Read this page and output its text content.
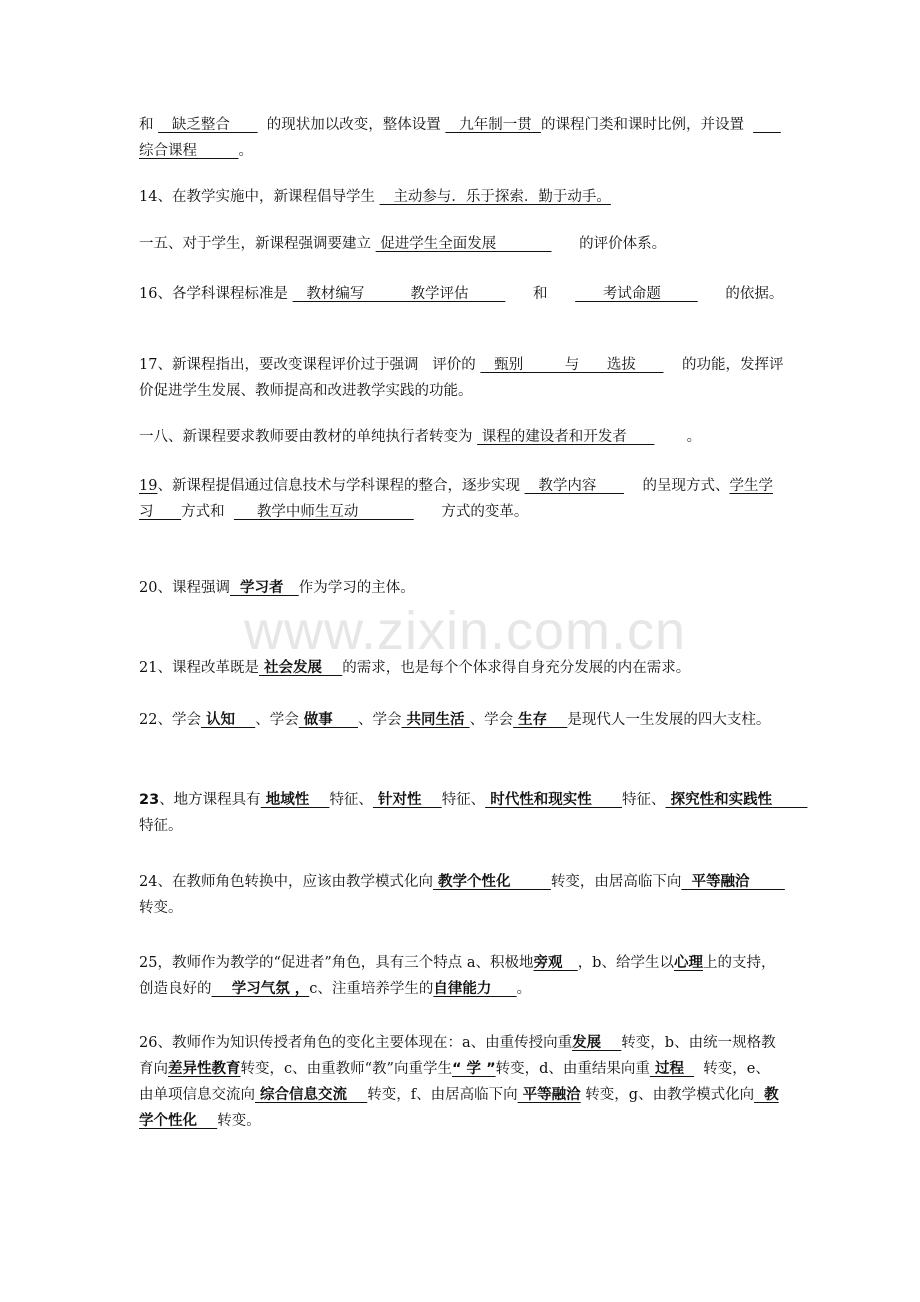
www.zixin.com.cn
和    缺乏整合        的现状加以改变，整体设置    九年制一贯  的课程门类和课时比例，并设置        综合课程         。
14、在教学实施中，新课程倡导学生    主动参与．乐于探索．勤于动手。
一五、对于学生，新课程强调要建立  促进学生全面发展                  的评价体系。
16、各学科课程标准是    教材编写          教学评估              和            考试命题              的依据。
17、新课程指出，要改变课程评价过于强调   评价的    甄别         与      选拔          的功能，发挥评价促进学生发展、教师提高和改进教学实践的功能。
一八、新课程要求教师要由教材的单纯执行者转变为  课程的建设者和开发者             。
19、新课程提倡通过信息技术与学科课程的整合，逐步实现    教学内容          的呈现方式、学生学习      方式和       教学中师生互动                  方式的变革。
20、课程强调  学习者   作为学习的主体。
21、课程改革既是 社会发展    的需求，也是每个个体求得自身充分发展的内在需求。
22、学会 认知    、学会 做事     、学会 共同生活 、学会 生存    是现代人一生发展的四大支柱。
23、地方课程具有 地域性    特征、 针对性    特征、 时代性和现实性      特征、 探究性和实践性       特征。
24、在教师角色转换中，应该由教学模式化向 教学个性化        转变，由居高临下向  平等融洽       转变。
25，教师作为教学的“促进者”角色，具有三个特点 a、积极地旁观   ，b、给学生以心理上的支持，创造良好的    学习气氛 ，c、注重培养学生的自律能力     。
26、教师作为知识传授者角色的变化主要体现在：a、由重传授向重发展    转变，b、由统一规格教育向差异性教育转变，c、由重教师“教”向重学生“ 学 ”转变，d、由重结果向重 过程    转变，e、由单项信息交流向 综合信息交流    转变，f、由居高临下向 平等融洽 转变，g、由教学模式化向  教学个性化    转变。
